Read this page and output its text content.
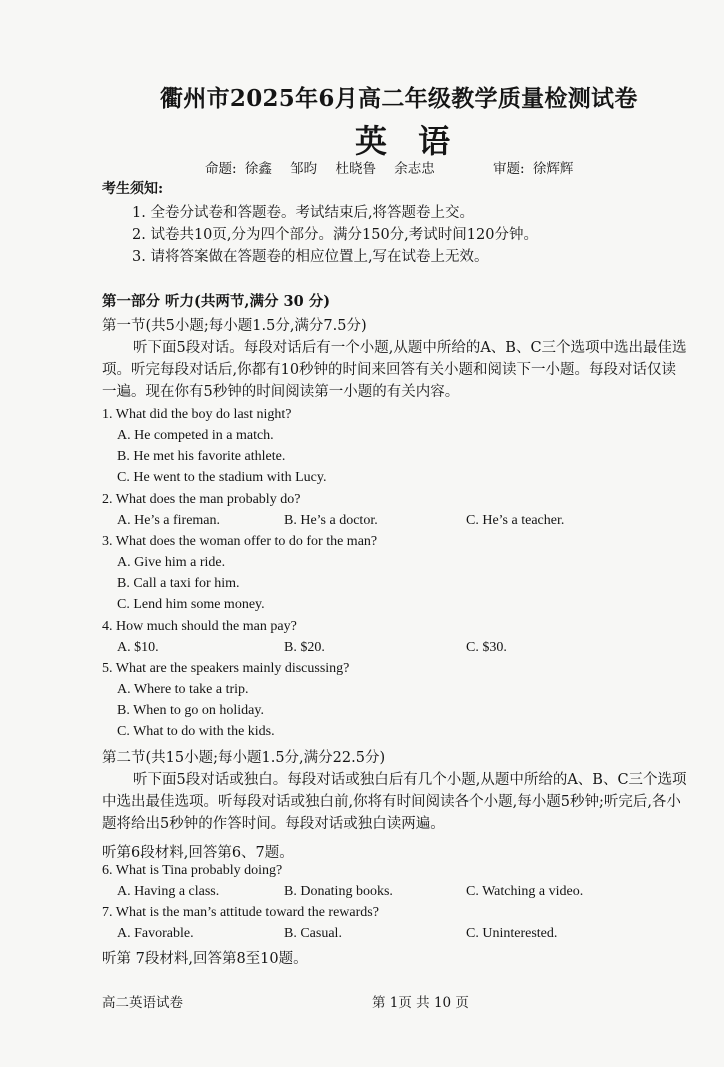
衢州市2025年6月高二年级教学质量检测试卷
英 语
命题: 徐鑫 邹昀 杜晓鲁 余志忠	审题: 徐辉辉
考生须知:
1. 全卷分试卷和答题卷。考试结束后,将答题卷上交。
2. 试卷共10页,分为四个部分。满分150分,考试时间120分钟。
3. 请将答案做在答题卷的相应位置上,写在试卷上无效。
第一部分 听力(共两节,满分 30 分)
第一节(共5小题;每小题1.5分,满分7.5分)
听下面5段对话。每段对话后有一个小题,从题中所给的A、B、C三个选项中选出最佳选项。听完每段对话后,你都有10秒钟的时间来回答有关小题和阅读下一小题。每段对话仅读一遍。现在你有5秒钟的时间阅读第一小题的有关内容。
1. What did the boy do last night?
A. He competed in a match.
B. He met his favorite athlete.
C. He went to the stadium with Lucy.
2. What does the man probably do?
A. He’s a fireman.	B. He’s a doctor.	C. He’s a teacher.
3. What does the woman offer to do for the man?
A. Give him a ride.
B. Call a taxi for him.
C. Lend him some money.
4. How much should the man pay?
A. $10.	B. $20.	C. $30.
5. What are the speakers mainly discussing?
A. Where to take a trip.
B. When to go on holiday.
C. What to do with the kids.
第二节(共15小题;每小题1.5分,满分22.5分)
听下面5段对话或独白。每段对话或独白后有几个小题,从题中所给的A、B、C三个选项中选出最佳选项。听每段对话或独白前,你将有时间阅读各个小题,每小题5秒钟;听完后,各小题将给出5秒钟的作答时间。每段对话或独白读两遍。
听第6段材料,回答第6、7题。
6. What is Tina probably doing?
A. Having a class.	B. Donating books.	C. Watching a video.
7. What is the man’s attitude toward the rewards?
A. Favorable.	B. Casual.	C. Uninterested.
听第 7段材料,回答第8至10题。
高二英语试卷	第 1页 共 10 页
